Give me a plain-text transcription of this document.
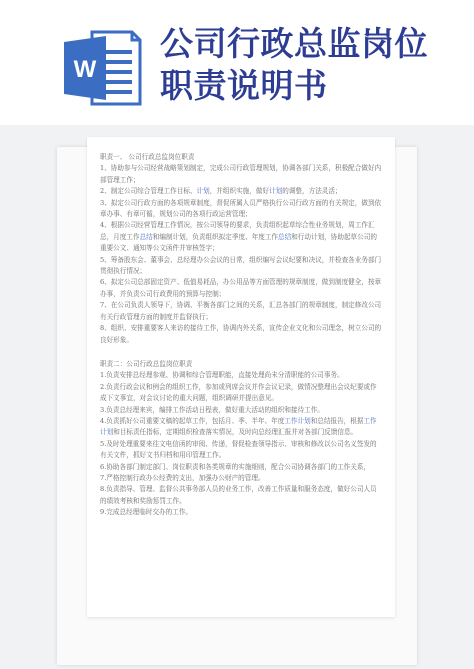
W
公司行政总监岗位
职责说明书

职责一、 公司行政总监岗位职责

1、协助参与公司经营战略策划制定，完成公司行政管理规划，协调各部门关系，积极配合做好内部管理工作；

2、制定公司综合管理工作目标、计划，并组织实施，做好计划的调整，方法灵活；

3、拟定公司行政方面的各项规章制度，督促所属人员严格执行公司行政方面的有关规定，做到依章办事、有章可循，规划公司的各项行政运营管理；

4、根据公司经营管理工作情况，按公司领导的要求，负责组织起草综合性业务规划，周工作汇总，月度工作总结和编制计划，负责组织拟定季度、年度工作总结和行动计划，协助起草公司的重要公文、通知等公文函件并审核签字；

5、筹备股东会、董事会、总经理办公会议的日常，组织编写会议纪要和决议，并检查各业务部门贯彻执行情况；

6、拟定公司总部固定资产、低值易耗品，办公用品等方面管理的规章制度，做到制度健全，按章办事，并负责公司行政费用的预算与控制；

7、在公司负责人领导下，协调、平衡各部门之间的关系，汇总各部门的规章制度，制定修改公司有关行政管理方面的制度并监督执行；

8、组织、安排重要客人来访的接待工作，协调内外关系，宣传企业文化和公司理念，树立公司的良好形象。

职责二：公司行政总监岗位职责

1.负责安排总经理参观、协调和综合管理职能，直接处理尚未分清职能的公司事务。

2.负责行政会议和例会的组织工作，参加或列席会议并作会议记录，做情况整理出会议纪要或作成下文事宜，对会议讨论的重大问题，组织调研并提出意见。

3.负责总经理来宾，编排工作活动日程表，做好重大活动的组织和接待工作。

4.负责抓好公司重要文稿的起草工作，包括月、季、半年、年度工作计划和总结报告，根据工作计划和目标责任指标，定期组织检查落实情况，及时向总经理汇报并对各部门反馈信息。

5.及时处理重要来往文电信函的审阅、传递，督促检查领导指示、审核和修改以公司名义签发的有关文件，抓好文书归档和用印管理工作。

6.协助各部门制定部门、岗位职责和各类规章的实施细则，配合公司协调各部门的工作关系，

7.严格控制行政办公经费的支出，加强办公财产的管理。

8.负责指导、管理、监督公共事务部人员的业务工作，改善工作质量和服务态度，做好公司人员的绩效考核和奖励惩罚工作。

9.完成总经理临时交办的工作。
